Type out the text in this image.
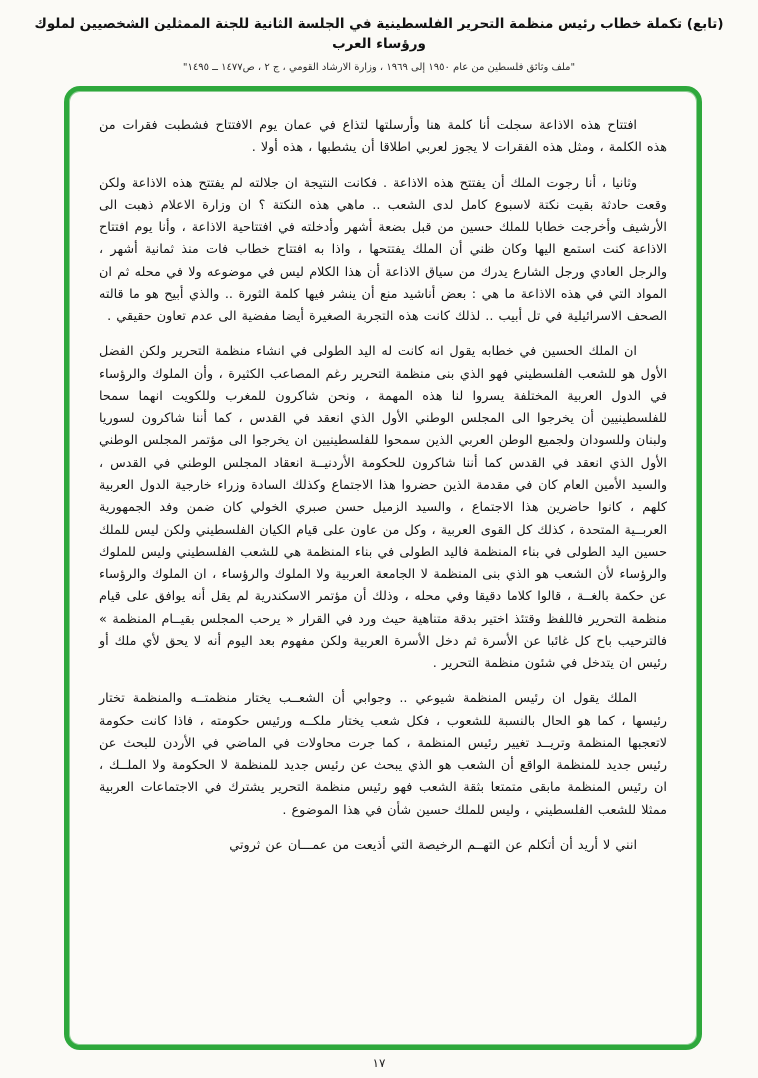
(تابع) تكملة خطاب رئيس منظمة التحرير الفلسطينية في الجلسة الثانية للجنة الممثلين الشخصيين لملوك ورؤساء العرب
"ملف وثائق فلسطين من عام ١٩٥٠ إلى ١٩٦٩ ، وزارة الارشاد القومي ، ج ٢ ، ص١٤٧٧ ــ ١٤٩٥"

افتتاح هذه الاذاعة سجلت أنا كلمة هنا وأرسلتها لتذاع في عمان يوم الافتتاح فشطبت فقرات من هذه الكلمة ، ومثل هذه الفقرات لا يجوز لعربي اطلاقا أن يشطبها ، هذه أولا .

وثانيا ، أنا رجوت الملك أن يفتتح هذه الاذاعة . فكانت النتيجة ان جلالته لم يفتتح هذه الاذاعة ولكن وقعت حادثة بقيت نكتة لاسبوع كامل لدى الشعب .. ماهي هذه النكتة ؟ ان وزارة الاعلام ذهبت الى الأرشيف وأخرجت خطابا للملك حسين من قبل بضعة أشهر وأدخلته في افتتاحية الاذاعة ، وأنا يوم افتتاح الاذاعة كنت استمع اليها وكان ظني أن الملك يفتتحها ، واذا به افتتاح خطاب فات منذ ثمانية أشهر ، والرجل العادي ورجل الشارع يدرك من سياق الاذاعة أن هذا الكلام ليس في موضوعه ولا في محله ثم ان المواد التي في هذه الاذاعة ما هي : بعض أناشيد منع أن ينشر فيها كلمة الثورة .. والذي أبيح هو ما قالته الصحف الاسرائيلية في تل أبيب .. لذلك كانت هذه التجربة الصغيرة أيضا مفضية الى عدم تعاون حقيقي .

ان الملك الحسين في خطابه يقول انه كانت له اليد الطولى في انشاء منظمة التحرير ولكن الفضل الأول هو للشعب الفلسطيني فهو الذي بنى منظمة التحرير رغم المصاعب الكثيرة ، وأن الملوك والرؤساء في الدول العربية المختلفة يسروا لنا هذه المهمة ، ونحن شاكرون للمغرب وللكويت انهما سمحا للفلسطينيين أن يخرجوا الى المجلس الوطني الأول الذي انعقد في القدس ، كما أننا شاكرون لسوريا ولبنان وللسودان ولجميع الوطن العربي الذين سمحوا للفلسطينيين ان يخرجوا الى مؤتمر المجلس الوطني الأول الذي انعقد في القدس كما أننا شاكرون للحكومة الأردنيــة انعقاد المجلس الوطني في القدس ، والسيد الأمين العام كان في مقدمة الذين حضروا هذا الاجتماع وكذلك السادة وزراء خارجية الدول العربية كلهم ، كانوا حاضرين هذا الاجتماع ، والسيد الزميل حسن صبري الخولي كان ضمن وفد الجمهورية العربــية المتحدة ، كذلك كل القوى العربية ، وكل من عاون على قيام الكيان الفلسطيني ولكن ليس للملك حسين اليد الطولى في بناء المنظمة فاليد الطولى في بناء المنظمة هي للشعب الفلسطيني وليس للملوك والرؤساء لأن الشعب هو الذي بنى المنظمة لا الجامعة العربية ولا الملوك والرؤساء ، ان الملوك والرؤساء عن حكمة بالغــة ، قالوا كلاما دقيقا وفي محله ، وذلك أن مؤتمر الاسكندرية لم يقل أنه يوافق على قيام منظمة التحرير فاللفظ وقتئذ اختير بدقة متناهية حيث ورد في القرار « يرحب المجلس بقيــام المنظمة » فالترحيب باح كل غائبا عن الأسرة ثم دخل الأسرة العربية ولكن مفهوم بعد اليوم أنه لا يحق لأي ملك أو رئيس ان يتدخل في شئون منظمة التحرير .

الملك يقول ان رئيس المنظمة شيوعي .. وجوابي أن الشعــب يختار منظمتــه والمنظمة تختار رئيسها ، كما هو الحال بالنسبة للشعوب ، فكل شعب يختار ملكــه ورئيس حكومته ، فاذا كانت حكومة لاتعجبها المنظمة وتريــد تغيير رئيس المنظمة ، كما جرت محاولات في الماضي في الأردن للبحث عن رئيس جديد للمنظمة الواقع أن الشعب هو الذي يبحث عن رئيس جديد للمنظمة لا الحكومة ولا الملــك ، ان رئيس المنظمة مابقى متمتعا بثقة الشعب فهو رئيس منظمة التحرير يشترك في الاجتماعات العربية ممثلا للشعب الفلسطيني ، وليس للملك حسين شأن في هذا الموضوع .

انني لا أريد أن أتكلم عن التهــم الرخيصة التي أذيعت من عمـــان عن ثروتي

١٧
